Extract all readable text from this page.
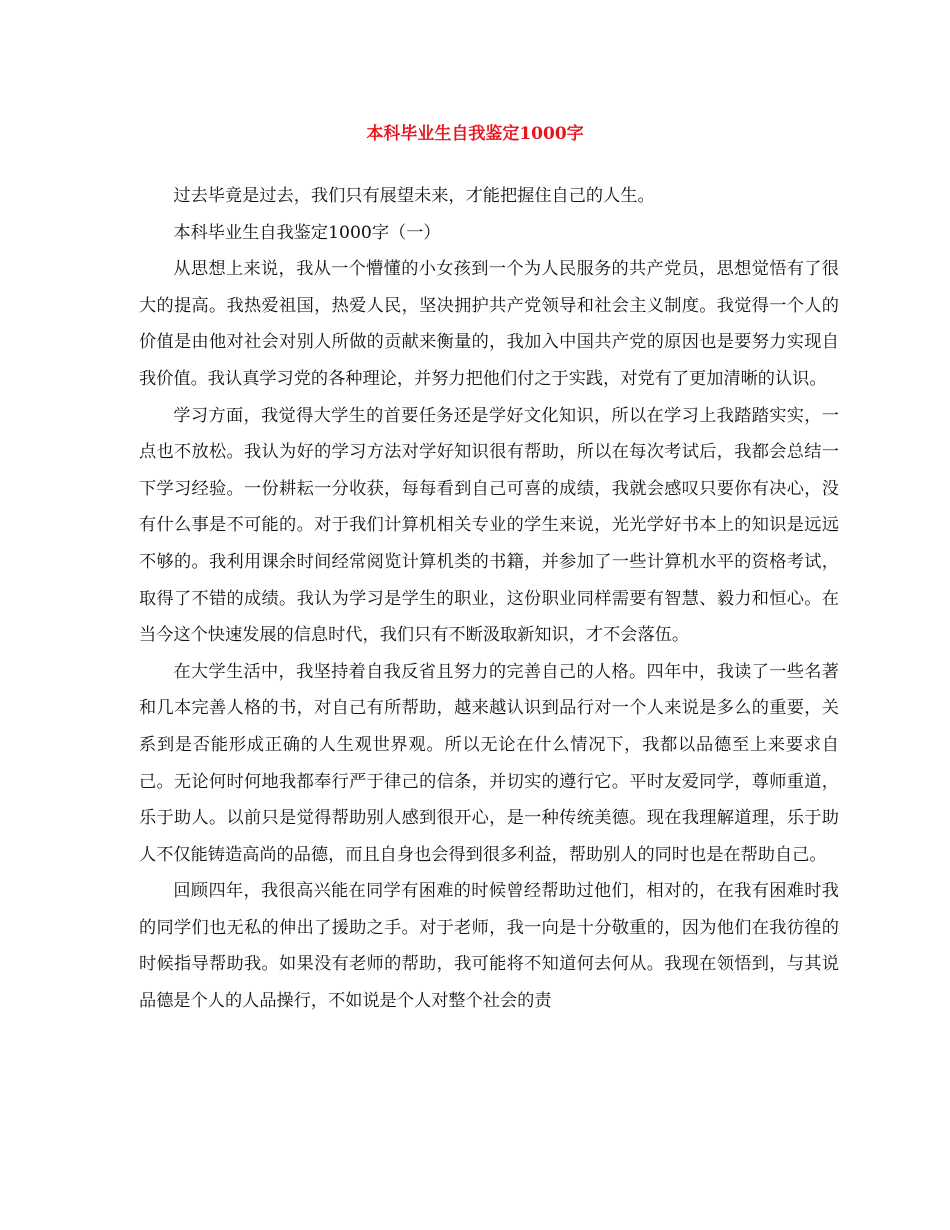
本科毕业生自我鉴定1000字

过去毕竟是过去，我们只有展望未来，才能把握住自己的人生。

本科毕业生自我鉴定1000字（一）

从思想上来说，我从一个懵懂的小女孩到一个为人民服务的共产党员，思想觉悟有了很大的提高。我热爱祖国，热爱人民，坚决拥护共产党领导和社会主义制度。我觉得一个人的价值是由他对社会对别人所做的贡献来衡量的，我加入中国共产党的原因也是要努力实现自我价值。我认真学习党的各种理论，并努力把他们付之于实践，对党有了更加清晰的认识。

学习方面，我觉得大学生的首要任务还是学好文化知识，所以在学习上我踏踏实实，一点也不放松。我认为好的学习方法对学好知识很有帮助，所以在每次考试后，我都会总结一下学习经验。一份耕耘一分收获，每每看到自己可喜的成绩，我就会感叹只要你有决心，没有什么事是不可能的。对于我们计算机相关专业的学生来说，光光学好书本上的知识是远远不够的。我利用课余时间经常阅览计算机类的书籍，并参加了一些计算机水平的资格考试，取得了不错的成绩。我认为学习是学生的职业，这份职业同样需要有智慧、毅力和恒心。在当今这个快速发展的信息时代，我们只有不断汲取新知识，才不会落伍。

在大学生活中，我坚持着自我反省且努力的完善自己的人格。四年中，我读了一些名著和几本完善人格的书，对自己有所帮助，越来越认识到品行对一个人来说是多么的重要，关系到是否能形成正确的人生观世界观。所以无论在什么情况下，我都以品德至上来要求自己。无论何时何地我都奉行严于律己的信条，并切实的遵行它。平时友爱同学，尊师重道，乐于助人。以前只是觉得帮助别人感到很开心，是一种传统美德。现在我理解道理，乐于助人不仅能铸造高尚的品德，而且自身也会得到很多利益，帮助别人的同时也是在帮助自己。

回顾四年，我很高兴能在同学有困难的时候曾经帮助过他们，相对的，在我有困难时我的同学们也无私的伸出了援助之手。对于老师，我一向是十分敬重的，因为他们在我彷徨的时候指导帮助我。如果没有老师的帮助，我可能将不知道何去何从。我现在领悟到，与其说品德是个人的人品操行，不如说是个人对整个社会的责
